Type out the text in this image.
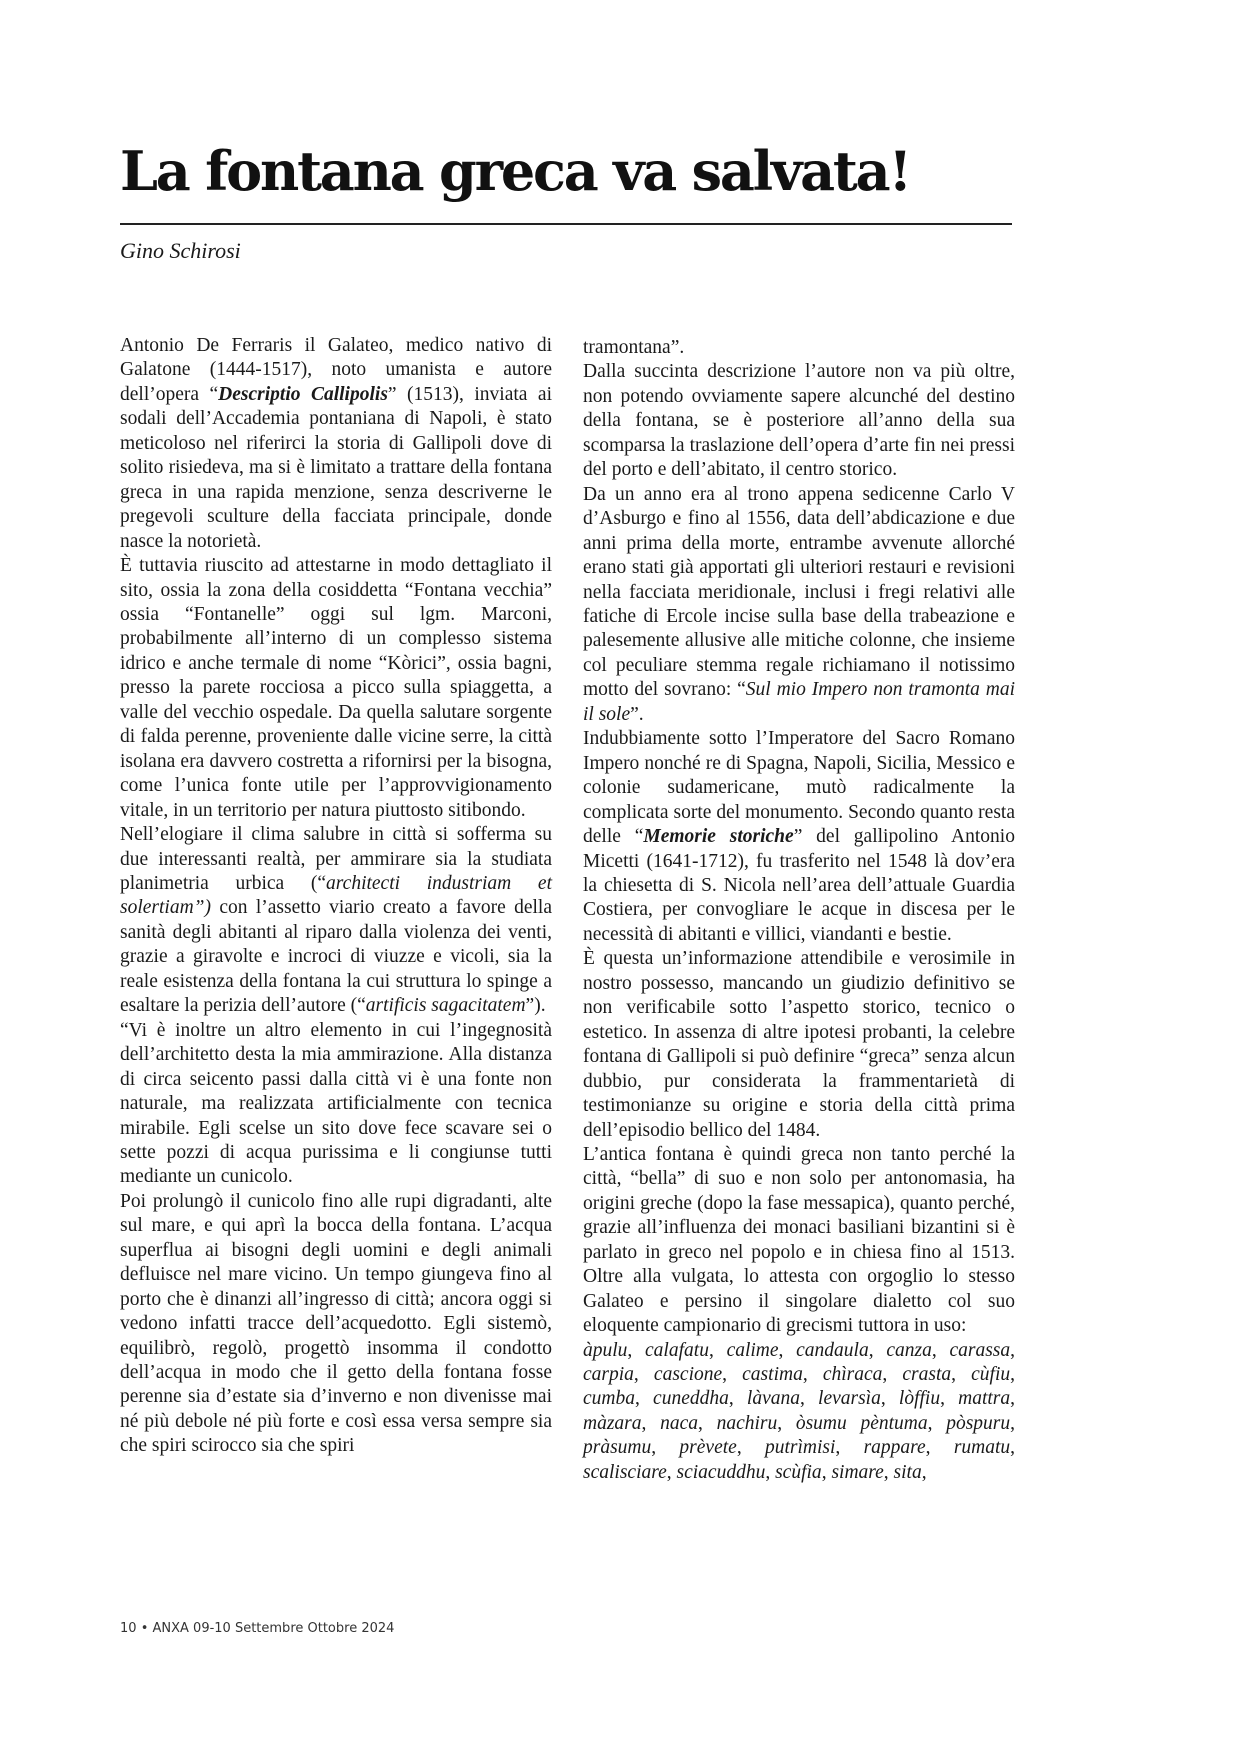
La fontana greca va salvata!
Gino Schirosi

Antonio De Ferraris il Galateo, medico nativo di Galatone (1444-1517), noto umanista e autore dell’opera “Descriptio Callipolis” (1513), inviata ai sodali dell’Accademia pontaniana di Napoli, è stato meticoloso nel riferirci la storia di Gallipoli dove di solito risiedeva, ma si è limitato a trattare della fontana greca in una rapida menzione, senza descriverne le pregevoli sculture della facciata principale, donde nasce la notorietà.

È tuttavia riuscito ad attestarne in modo dettagliato il sito, ossia la zona della cosiddetta “Fontana vecchia” ossia “Fontanelle” oggi sul lgm. Marconi, probabilmente all’interno di un complesso sistema idrico e anche termale di nome “Kòrici”, ossia bagni, presso la parete rocciosa a picco sulla spiaggetta, a valle del vecchio ospedale. Da quella salutare sorgente di falda perenne, proveniente dalle vicine serre, la città isolana era davvero costretta a rifornirsi per la bisogna, come l’unica fonte utile per l’approvvigionamento vitale, in un territorio per natura piuttosto sitibondo.

Nell’elogiare il clima salubre in città si sofferma su due interessanti realtà, per ammirare sia la studiata planimetria urbica (“architecti industriam et solertiam”) con l’assetto viario creato a favore della sanità degli abitanti al riparo dalla violenza dei venti, grazie a giravolte e incroci di viuzze e vicoli, sia la reale esistenza della fontana la cui struttura lo spinge a esaltare la perizia dell’autore (“artificis sagacitatem”).

“Vi è inoltre un altro elemento in cui l’ingegnosità dell’architetto desta la mia ammirazione. Alla distanza di circa seicento passi dalla città vi è una fonte non naturale, ma realizzata artificialmente con tecnica mirabile. Egli scelse un sito dove fece scavare sei o sette pozzi di acqua purissima e li congiunse tutti mediante un cunicolo.

Poi prolungò il cunicolo fino alle rupi digradanti, alte sul mare, e qui aprì la bocca della fontana. L’acqua superflua ai bisogni degli uomini e degli animali defluisce nel mare vicino. Un tempo giungeva fino al porto che è dinanzi all’ingresso di città; ancora oggi si vedono infatti tracce dell’acquedotto. Egli sistemò, equilibrò, regolò, progettò insomma il condotto dell’acqua in modo che il getto della fontana fosse perenne sia d’estate sia d’inverno e non divenisse mai né più debole né più forte e così essa versa sempre sia che spiri scirocco sia che spiri

tramontana”.

Dalla succinta descrizione l’autore non va più oltre, non potendo ovviamente sapere alcunché del destino della fontana, se è posteriore all’anno della sua scomparsa la traslazione dell’opera d’arte fin nei pressi del porto e dell’abitato, il centro storico.

Da un anno era al trono appena sedicenne Carlo V d’Asburgo e fino al 1556, data dell’abdicazione e due anni prima della morte, entrambe avvenute allorché erano stati già apportati gli ulteriori restauri e revisioni nella facciata meridionale, inclusi i fregi relativi alle fatiche di Ercole incise sulla base della trabeazione e palesemente allusive alle mitiche colonne, che insieme col peculiare stemma regale richiamano il notissimo motto del sovrano: “Sul mio Impero non tramonta mai il sole”.

Indubbiamente sotto l’Imperatore del Sacro Romano Impero nonché re di Spagna, Napoli, Sicilia, Messico e colonie sudamericane, mutò radicalmente la complicata sorte del monumento. Secondo quanto resta delle “Memorie storiche” del gallipolino Antonio Micetti (1641-1712), fu trasferito nel 1548 là dov’era la chiesetta di S. Nicola nell’area dell’attuale Guardia Costiera, per convogliare le acque in discesa per le necessità di abitanti e villici, viandanti e bestie.

È questa un’informazione attendibile e verosimile in nostro possesso, mancando un giudizio definitivo se non verificabile sotto l’aspetto storico, tecnico o estetico. In assenza di altre ipotesi probanti, la celebre fontana di Gallipoli si può definire “greca” senza alcun dubbio, pur considerata la frammentarietà di testimonianze su origine e storia della città prima dell’episodio bellico del 1484.

L’antica fontana è quindi greca non tanto perché la città, “bella” di suo e non solo per antonomasia, ha origini greche (dopo la fase messapica), quanto perché, grazie all’influenza dei monaci basiliani bizantini si è parlato in greco nel popolo e in chiesa fino al 1513. Oltre alla vulgata, lo attesta con orgoglio lo stesso Galateo e persino il singolare dialetto col suo eloquente campionario di grecismi tuttora in uso:

àpulu, calafatu, calime, candaula, canza, carassa, carpia, cascione, castima, chìraca, crasta, cùfiu, cumba, cuneddha, làvana, levarsìa, lòffiu, mattra, màzara, naca, nachiru, òsumu pèntuma, pòspuru, pràsumu, prèvete, putrìmisi, rappare, rumatu, scalisciare, sciacuddhu, scùfia, simare, sita,

10 • ANXA 09-10 Settembre Ottobre 2024
